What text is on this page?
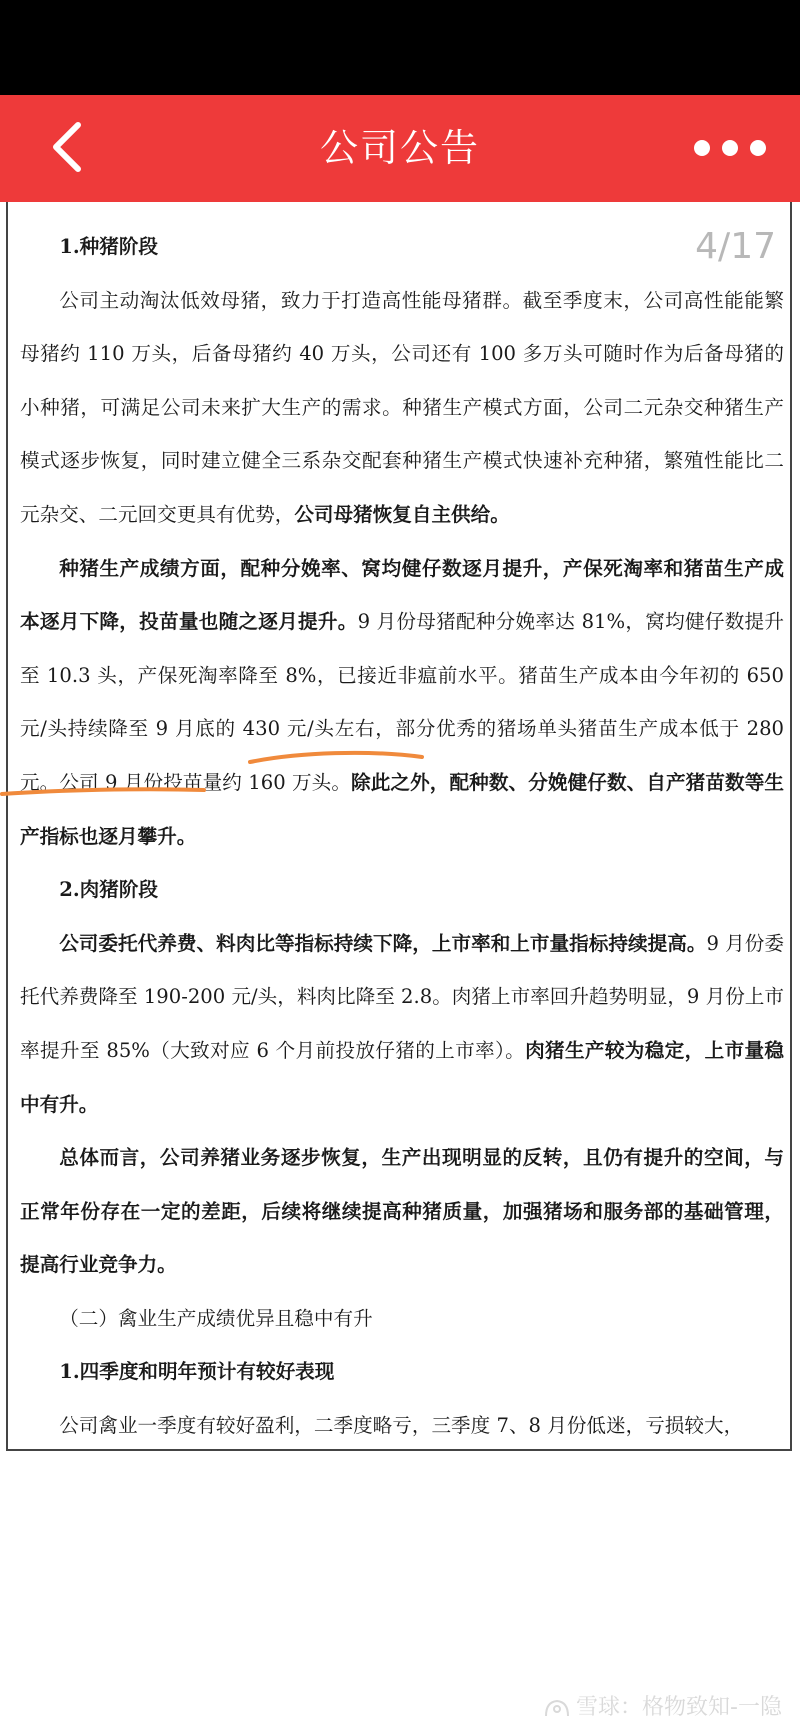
公司公告
4/17

1.种猪阶段

公司主动淘汰低效母猪，致力于打造高性能母猪群。截至季度末，公司高性能能繁母猪约 110 万头，后备母猪约 40 万头，公司还有 100 多万头可随时作为后备母猪的小种猪，可满足公司未来扩大生产的需求。种猪生产模式方面，公司二元杂交种猪生产模式逐步恢复，同时建立健全三系杂交配套种猪生产模式快速补充种猪，繁殖性能比二元杂交、二元回交更具有优势，公司母猪恢复自主供给。

种猪生产成绩方面，配种分娩率、窝均健仔数逐月提升，产保死淘率和猪苗生产成本逐月下降，投苗量也随之逐月提升。9 月份母猪配种分娩率达 81%，窝均健仔数提升至 10.3 头，产保死淘率降至 8%，已接近非瘟前水平。猪苗生产成本由今年初的 650 元/头持续降至 9 月底的 430 元/头左右，部分优秀的猪场单头猪苗生产成本低于 280 元。公司 9 月份投苗量约 160 万头。除此之外，配种数、分娩健仔数、自产猪苗数等生产指标也逐月攀升。

2.肉猪阶段

公司委托代养费、料肉比等指标持续下降，上市率和上市量指标持续提高。9 月份委托代养费降至 190-200 元/头，料肉比降至 2.8。肉猪上市率回升趋势明显，9 月份上市率提升至 85%（大致对应 6 个月前投放仔猪的上市率）。肉猪生产较为稳定，上市量稳中有升。

总体而言，公司养猪业务逐步恢复，生产出现明显的反转，且仍有提升的空间，与正常年份存在一定的差距，后续将继续提高种猪质量，加强猪场和服务部的基础管理，提高行业竞争力。

（二）禽业生产成绩优异且稳中有升

1.四季度和明年预计有较好表现

公司禽业一季度有较好盈利，二季度略亏，三季度 7、8 月份低迷，亏损较大，

雪球：格物致知-一隐
